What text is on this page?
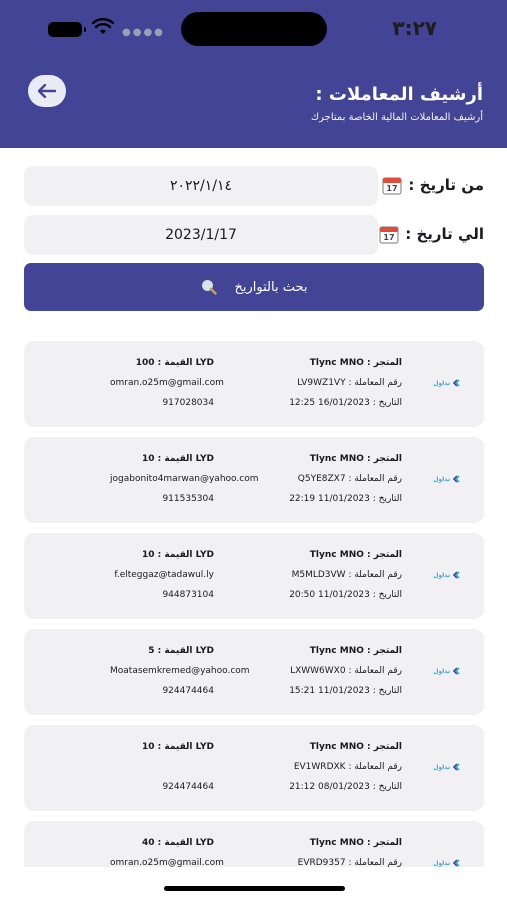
●●●●	٣:٢٧
أرشيف المعاملات :
أرشيف المعاملات المالية الخاصة بمتاجرك
من تاريخ :
17
٢٠٢٢/١/١٤
الي تاريخ :
17
2023/1/17
بحث بالتواريخ
المتجر : Tlync MNO
رقم المعاملة : LV9WZ1VY
التاريخ : 16/01/2023 12:25
القيمة : 100 LYD
omran.o25m@gmail.com
917028034
تداول
المتجر : Tlync MNO
رقم المعاملة : Q5YE8ZX7
التاريخ : 11/01/2023 22:19
القيمة : 10 LYD
jogabonito4marwan@yahoo.com
911535304
تداول
المتجر : Tlync MNO
رقم المعاملة : M5MLD3VW
التاريخ : 11/01/2023 20:50
القيمة : 10 LYD
f.elteggaz@tadawul.ly
944873104
تداول
المتجر : Tlync MNO
رقم المعاملة : LXWW6WX0
التاريخ : 11/01/2023 15:21
القيمة : 5 LYD
Moatasemkremed@yahoo.com
924474464
تداول
المتجر : Tlync MNO
رقم المعاملة : EV1WRDXK
التاريخ : 08/01/2023 21:12
القيمة : 10 LYD
924474464
تداول
المتجر : Tlync MNO
رقم المعاملة : EVRD9357
القيمة : 40 LYD
omran.o25m@gmail.com	تداول
